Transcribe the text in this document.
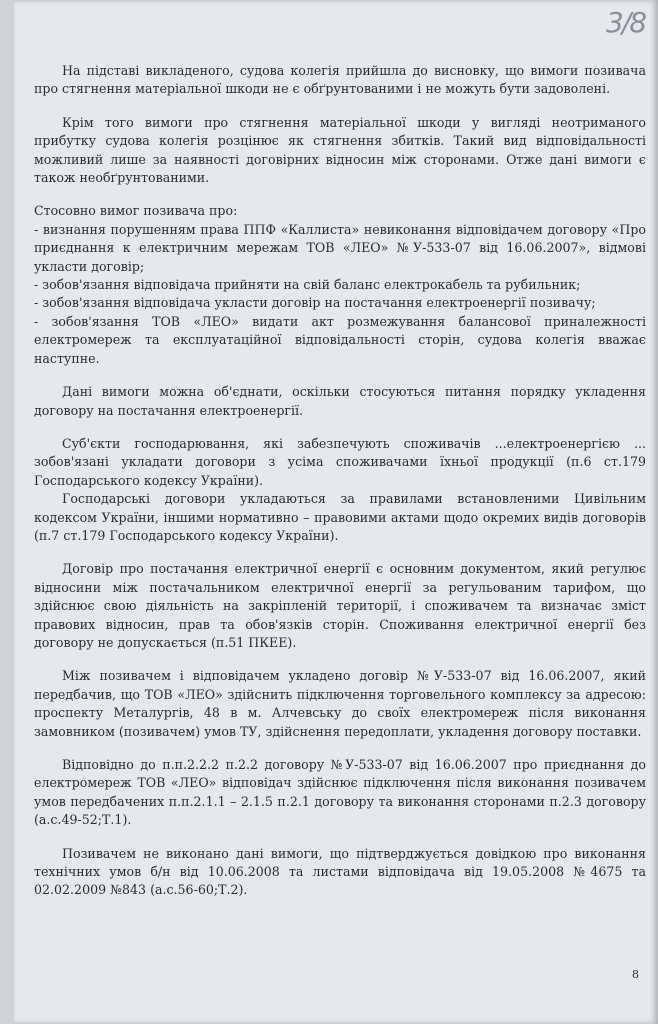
3/8

На підставі викладеного, судова колегія прийшла до висновку, що вимоги позивача про стягнення матеріальної шкоди не є обґрунтованими і не можуть бути задоволені.

Крім того вимоги про стягнення матеріальної шкоди у вигляді неотриманого прибутку судова колегія розцінює як стягнення збитків. Такий вид відповідальності можливий лише за наявності договірних відносин між сторонами. Отже дані вимоги є також необґрунтованими.

Стосовно вимог позивача про:

- визнання порушенням права ППФ «Каллиста» невиконання відповідачем договору «Про приєднання к електричним мережам ТОВ «ЛЕО» №У-533-07 від 16.06.2007», відмові укласти договір;

- зобов'язання відповідача прийняти на свій баланс електрокабель та рубильник;

- зобов'язання відповідача укласти договір на постачання електроенергії позивачу;

- зобов'язання ТОВ «ЛЕО» видати акт розмежування балансової приналежності електромереж та експлуатаційної відповідальності сторін, судова колегія вважає наступне.

Дані вимоги можна об'єднати, оскільки стосуються питання порядку укладення договору на постачання електроенергії.

Суб'єкти господарювання, які забезпечують споживачів ...електроенергією ... зобов'язані укладати договори з усіма споживачами їхньої продукції (п.6 ст.179 Господарського кодексу України).

Господарські договори укладаються за правилами встановленими Цивільним кодексом України, іншими нормативно – правовими актами щодо окремих видів договорів (п.7 ст.179 Господарського кодексу України).

Договір про постачання електричної енергії є основним документом, який регулює відносини між постачальником електричної енергії за регульованим тарифом, що здійснює свою діяльність на закріпленій території, і споживачем та визначає зміст правових відносин, прав та обов'язків сторін. Споживання електричної енергії без договору не допускається (п.51 ПКЕЕ).

Між позивачем і відповідачем укладено договір №У-533-07 від 16.06.2007, який передбачив, що ТОВ «ЛЕО» здійснить підключення торговельного комплексу за адресою: проспекту Металургів, 48 в м. Алчевську до своїх електромереж після виконання замовником (позивачем) умов ТУ, здійснення передоплати, укладення договору поставки.

Відповідно до п.п.2.2.2 п.2.2 договору №У-533-07 від 16.06.2007 про приєднання до електромереж ТОВ «ЛЕО» відповідач здійснює підключення після виконання позивачем умов передбачених п.п.2.1.1 – 2.1.5 п.2.1 договору та виконання сторонами п.2.3 договору (а.с.49-52;Т.1).

Позивачем не виконано дані вимоги, що підтверджується довідкою про виконання технічних умов б/н від 10.06.2008 та листами відповідача від 19.05.2008 №4675 та 02.02.2009 №843 (а.с.56-60;Т.2).

8
